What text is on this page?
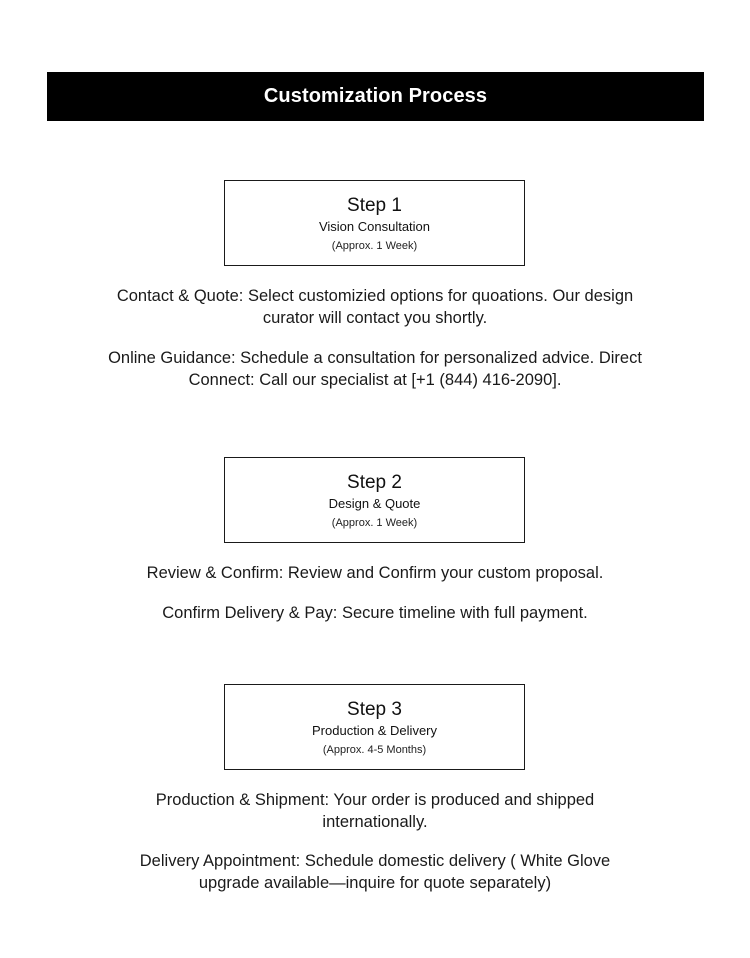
Customization Process
Step 1
Vision Consultation
(Approx. 1 Week)
Contact & Quote: Select customizied options for quoations. Our design curator will contact you shortly.
Online Guidance: Schedule a consultation for personalized advice. Direct Connect: Call our specialist at [+1 (844) 416-2090].
Step 2
Design & Quote
(Approx. 1 Week)
Review & Confirm: Review and Confirm your custom proposal.
Confirm Delivery & Pay: Secure timeline with full payment.
Step 3
Production & Delivery
(Approx. 4-5 Months)
Production & Shipment: Your order is produced and shipped internationally.
Delivery Appointment: Schedule domestic delivery ( White Glove upgrade available—inquire for quote separately)
